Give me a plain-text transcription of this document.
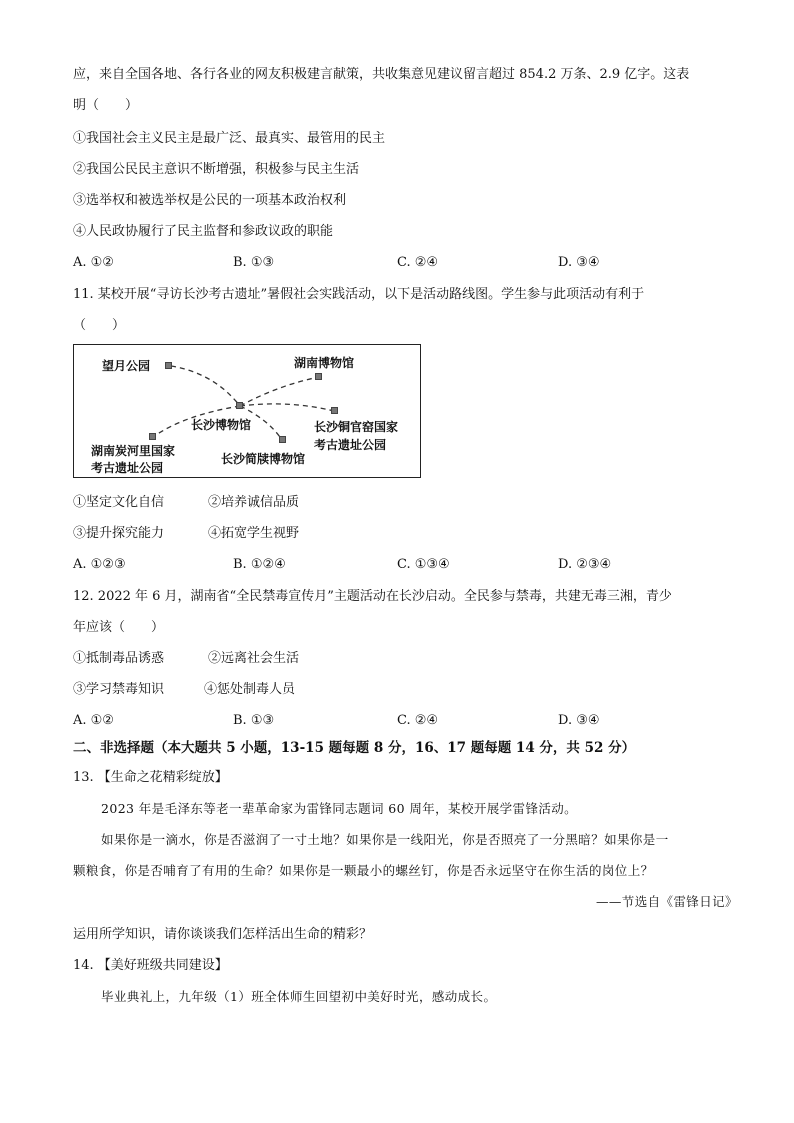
应，来自全国各地、各行各业的网友积极建言献策，共收集意见建议留言超过 854.2 万条、2.9 亿字。这表
明（　　）
①我国社会主义民主是最广泛、最真实、最管用的民主
②我国公民民主意识不断增强，积极参与民主生活
③选举权和被选举权是公民的一项基本政治权利
④人民政协履行了民主监督和参政议政的职能
A. ①②	B. ①③	C. ②④	D. ③④
11. 某校开展“寻访长沙考古遗址”暑假社会实践活动，以下是活动路线图。学生参与此项活动有利于
（　　）
望月公园	湖南博物馆
长沙博物馆	长沙铜官窑国家
考古遗址公园
湖南炭河里国家
考古遗址公园
长沙简牍博物馆
①坚定文化自信	②培养诚信品质
③提升探究能力	④拓宽学生视野
A. ①②③	B. ①②④	C. ①③④	D. ②③④
12. 2022 年 6 月，湖南省“全民禁毒宣传月”主题活动在长沙启动。全民参与禁毒，共建无毒三湘，青少
年应该（　　）
①抵制毒品诱惑	②远离社会生活
③学习禁毒知识	④惩处制毒人员
A. ①②	B. ①③	C. ②④	D. ③④
二、非选择题（本大题共 5 小题，13-15 题每题 8 分，16、17 题每题 14 分，共 52 分）
13. 【生命之花精彩绽放】
2023 年是毛泽东等老一辈革命家为雷锋同志题词 60 周年，某校开展学雷锋活动。
如果你是一滴水，你是否滋润了一寸土地？如果你是一线阳光，你是否照亮了一分黑暗？如果你是一
颗粮食，你是否哺育了有用的生命？如果你是一颗最小的螺丝钉，你是否永远坚守在你生活的岗位上？
——节选自《雷锋日记》
运用所学知识，请你谈谈我们怎样活出生命的精彩？
14. 【美好班级共同建设】
毕业典礼上，九年级（1）班全体师生回望初中美好时光，感动成长。
